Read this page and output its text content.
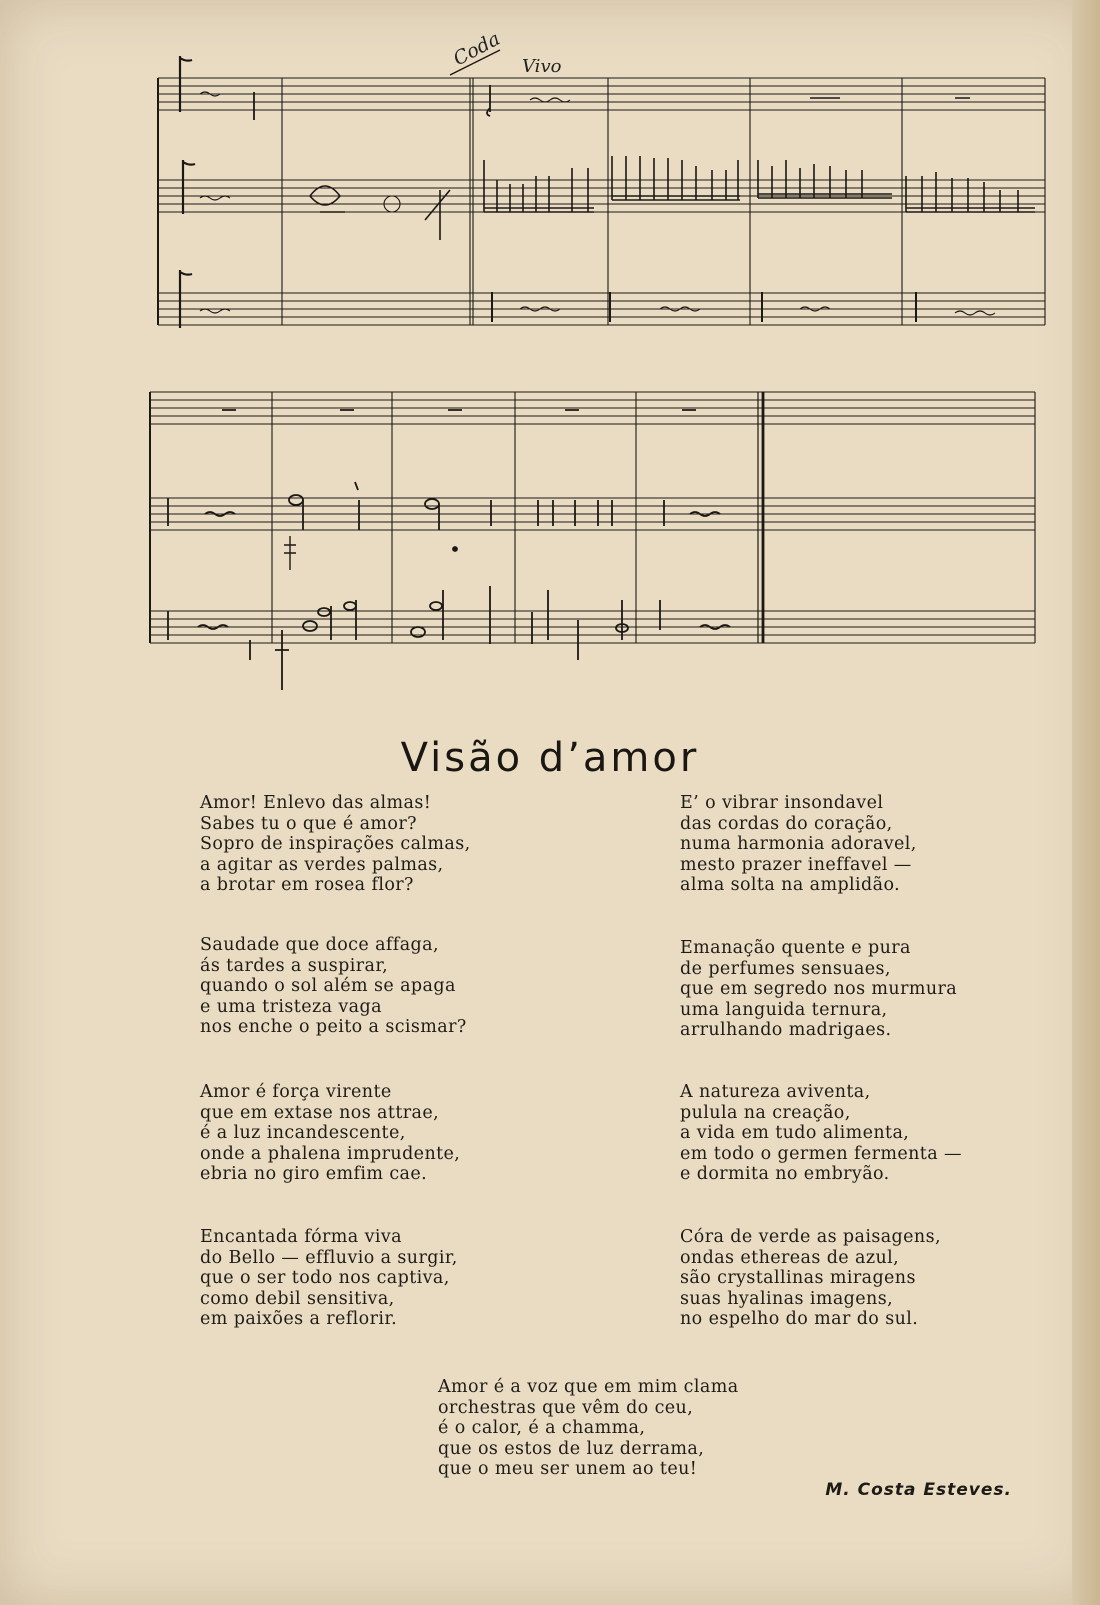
Coda Vivo
Visão d’amor

Amor! Enlevo das almas!
Sabes tu o que é amor?
Sopro de inspirações calmas,
a agitar as verdes palmas,
a brotar em rosea flor?

Saudade que doce affaga,
ás tardes a suspirar,
quando o sol além se apaga
e uma tristeza vaga
nos enche o peito a scismar?

Amor é força virente
que em extase nos attrae,
é a luz incandescente,
onde a phalena imprudente,
ebria no giro emfim cae.

Encantada fórma viva
do Bello — effluvio a surgir,
que o ser todo nos captiva,
como debil sensitiva,
em paixões a reflorir.

E’ o vibrar insondavel
das cordas do coração,
numa harmonia adoravel,
mesto prazer ineffavel —
alma solta na amplidão.

Emanação quente e pura
de perfumes sensuaes,
que em segredo nos murmura
uma languida ternura,
arrulhando madrigaes.

A natureza aviventa,
pulula na creação,
a vida em tudo alimenta,
em todo o germen fermenta —
e dormita no embryão.

Córa de verde as paisagens,
ondas ethereas de azul,
são crystallinas miragens
suas hyalinas imagens,
no espelho do mar do sul.

Amor é a voz que em mim clama
orchestras que vêm do ceu,
é o calor, é a chamma,
que os estos de luz derrama,
que o meu ser unem ao teu!

M. Costa Esteves.
